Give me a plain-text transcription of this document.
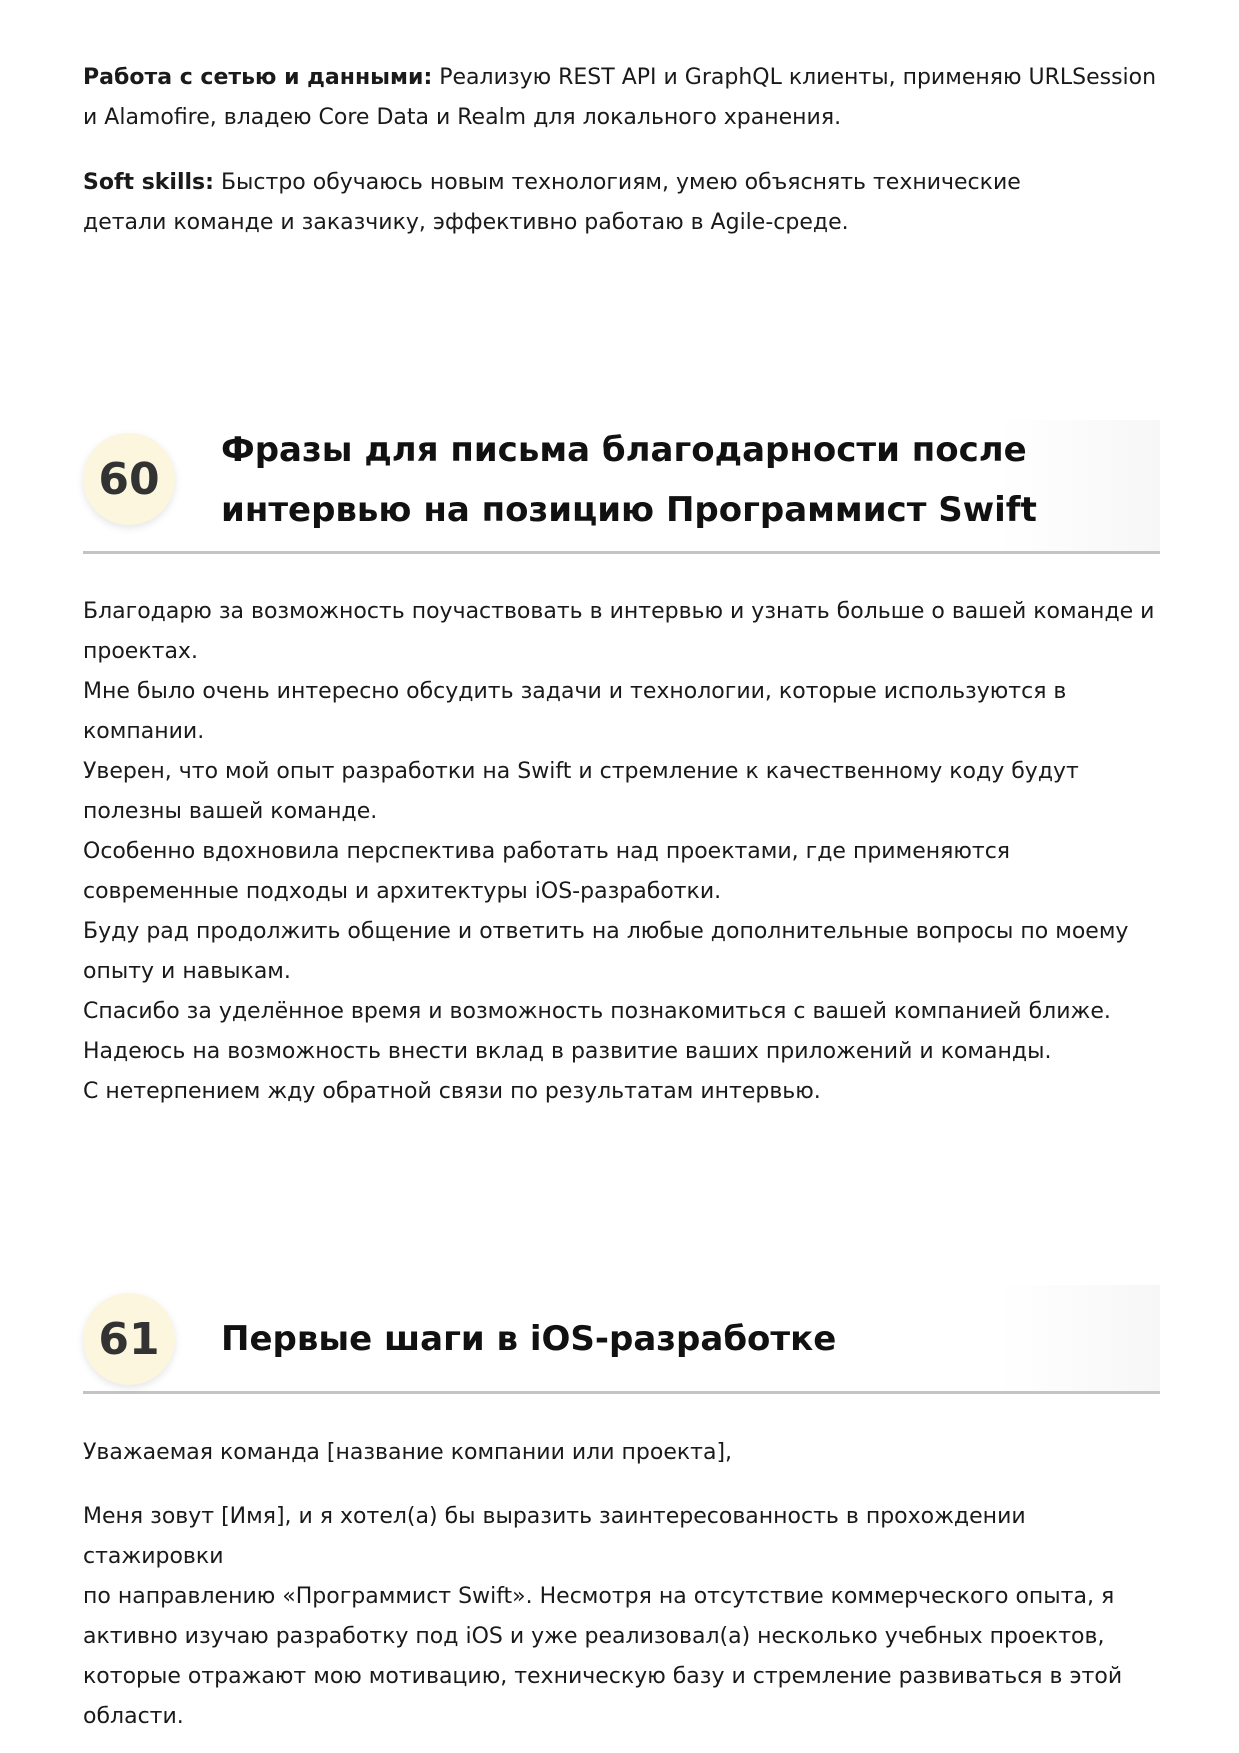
Работа с сетью и данными: Реализую REST API и GraphQL клиенты, применяю URLSession и Alamofire, владею Core Data и Realm для локального хранения.

Soft skills: Быстро обучаюсь новым технологиям, умею объяснять технические детали команде и заказчику, эффективно работаю в Agile-среде.

60
Фразы для письма благодарности после
интервью на позицию Программист Swift
Благодарю за возможность поучаствовать в интервью и узнать больше о вашей команде и
проектах.
Мне было очень интересно обсудить задачи и технологии, которые используются в
компании.
Уверен, что мой опыт разработки на Swift и стремление к качественному коду будут
полезны вашей команде.
Особенно вдохновила перспектива работать над проектами, где применяются
современные подходы и архитектуры iOS-разработки.
Буду рад продолжить общение и ответить на любые дополнительные вопросы по моему
опыту и навыкам.
Спасибо за уделённое время и возможность познакомиться с вашей компанией ближе.
Надеюсь на возможность внести вклад в развитие ваших приложений и команды.
С нетерпением жду обратной связи по результатам интервью.
61	Первые шаги в iOS-разработке

Уважаемая команда [название компании или проекта],

Меня зовут [Имя], и я хотел(а) бы выразить заинтересованность в прохождении стажировки
по направлению «Программист Swift». Несмотря на отсутствие коммерческого опыта, я
активно изучаю разработку под iOS и уже реализовал(а) несколько учебных проектов,
которые отражают мою мотивацию, техническую базу и стремление развиваться в этой
области.
